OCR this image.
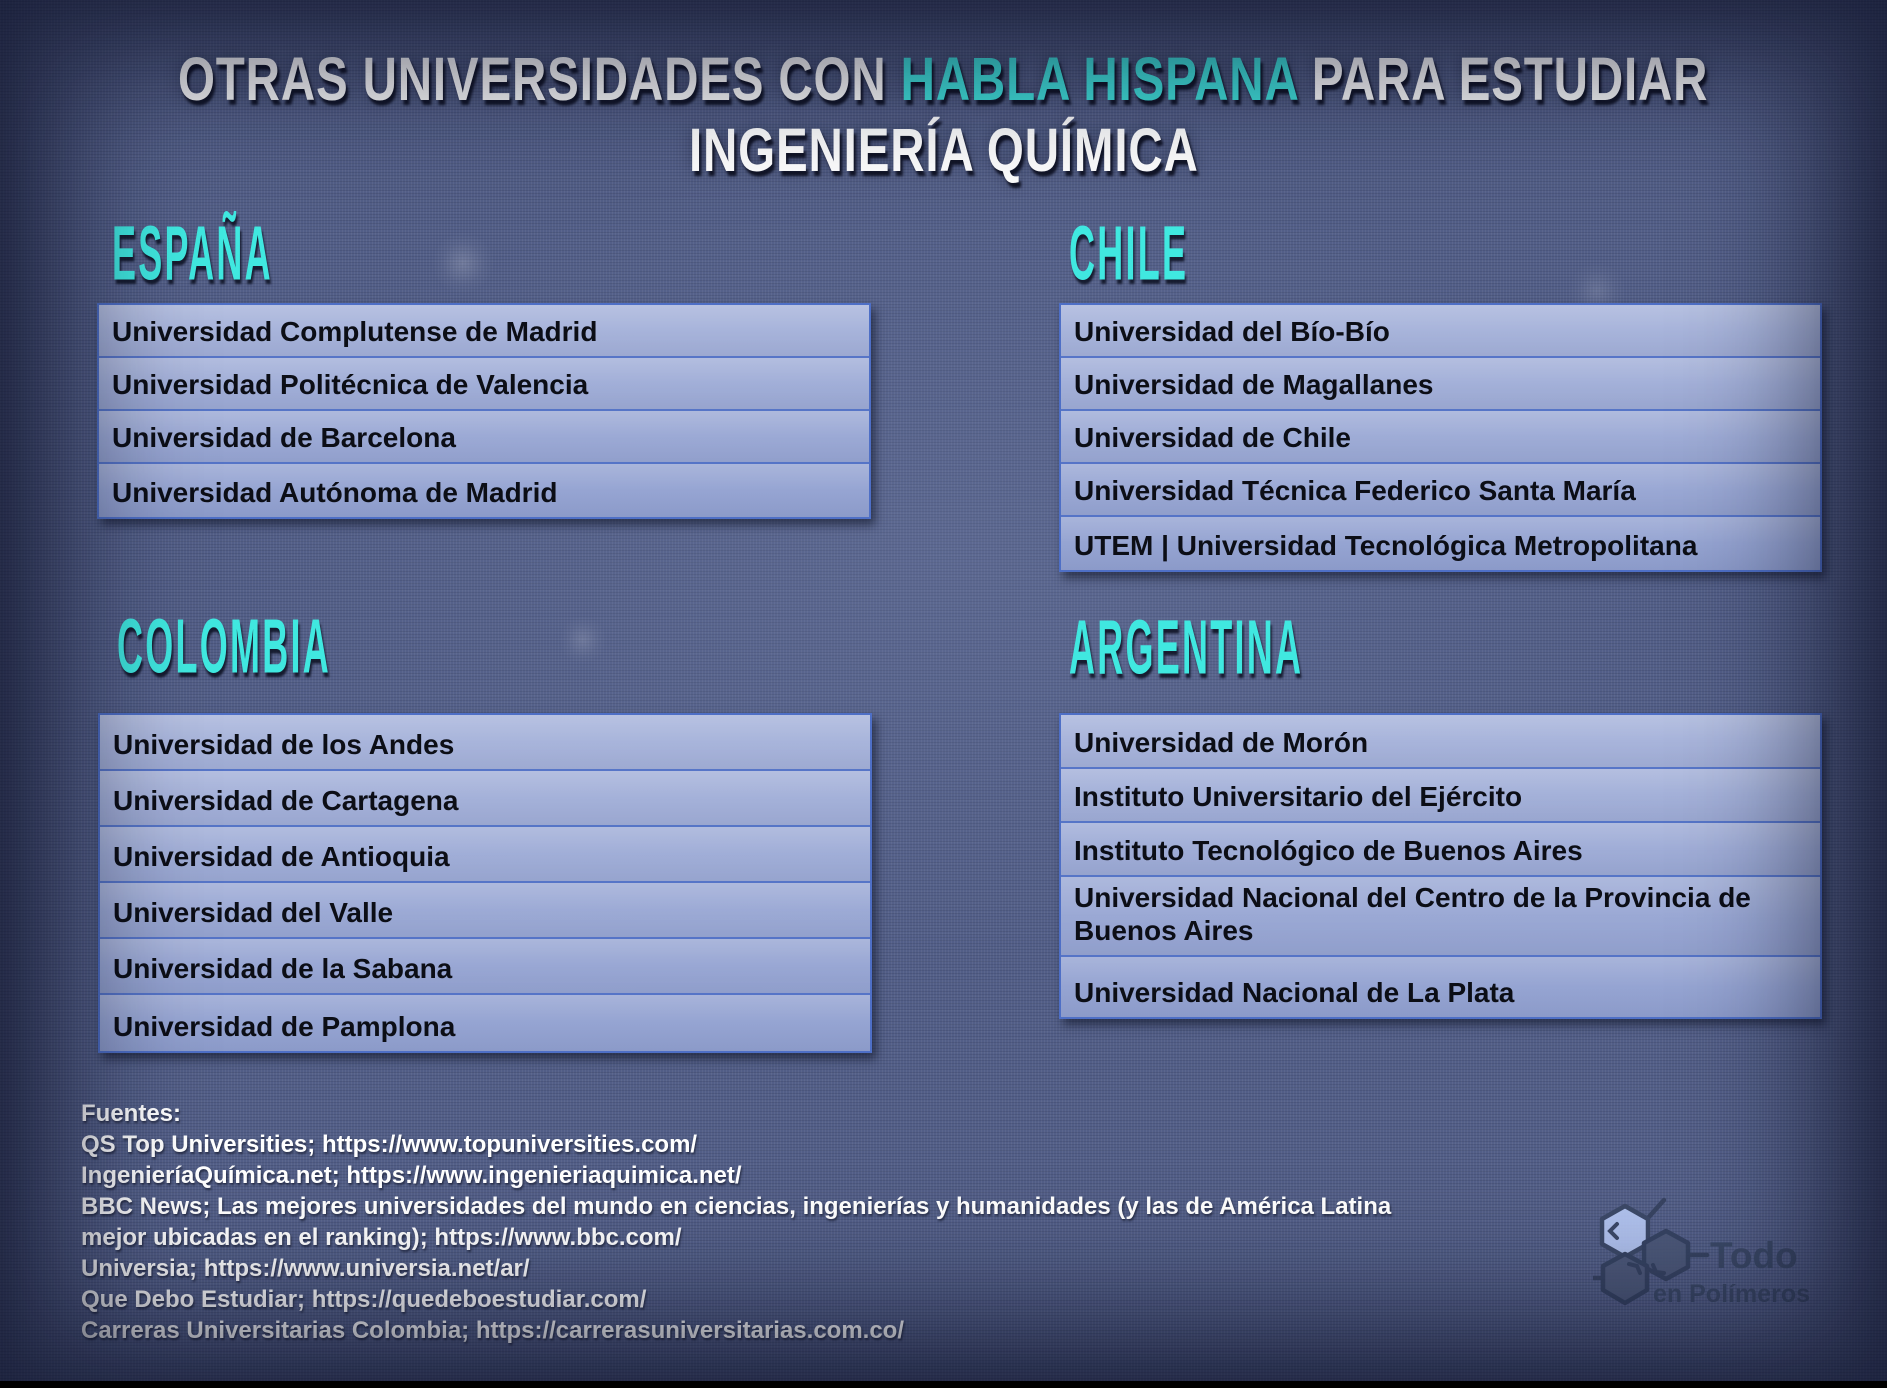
OTRAS UNIVERSIDADES CON HABLA HISPANA PARA ESTUDIAR
INGENIERÍA QUÍMICA
ESPAÑA
Universidad Complutense de Madrid
Universidad Politécnica de Valencia
Universidad de Barcelona
Universidad Autónoma de Madrid
CHILE
Universidad del Bío-Bío
Universidad de Magallanes
Universidad de Chile
Universidad Técnica Federico Santa María
UTEM | Universidad Tecnológica Metropolitana
COLOMBIA
Universidad de los Andes
Universidad de Cartagena
Universidad de Antioquia
Universidad del Valle
Universidad de la Sabana
Universidad de Pamplona
ARGENTINA
Universidad de Morón
Instituto Universitario del Ejército
Instituto Tecnológico de Buenos Aires
Universidad Nacional del Centro de la Provincia de Buenos Aires
Universidad Nacional de La Plata
Fuentes:
QS Top Universities; https://www.topuniversities.com/
IngenieríaQuímica.net; https://www.ingenieriaquimica.net/
BBC News; Las mejores universidades del mundo en ciencias, ingenierías y humanidades (y las de América Latina
mejor ubicadas en el ranking); https://www.bbc.com/
Universia; https://www.universia.net/ar/
Que Debo Estudiar; https://quedeboestudiar.com/
Carreras Universitarias Colombia; https://carrerasuniversitarias.com.co/
Todo
en Polímeros
